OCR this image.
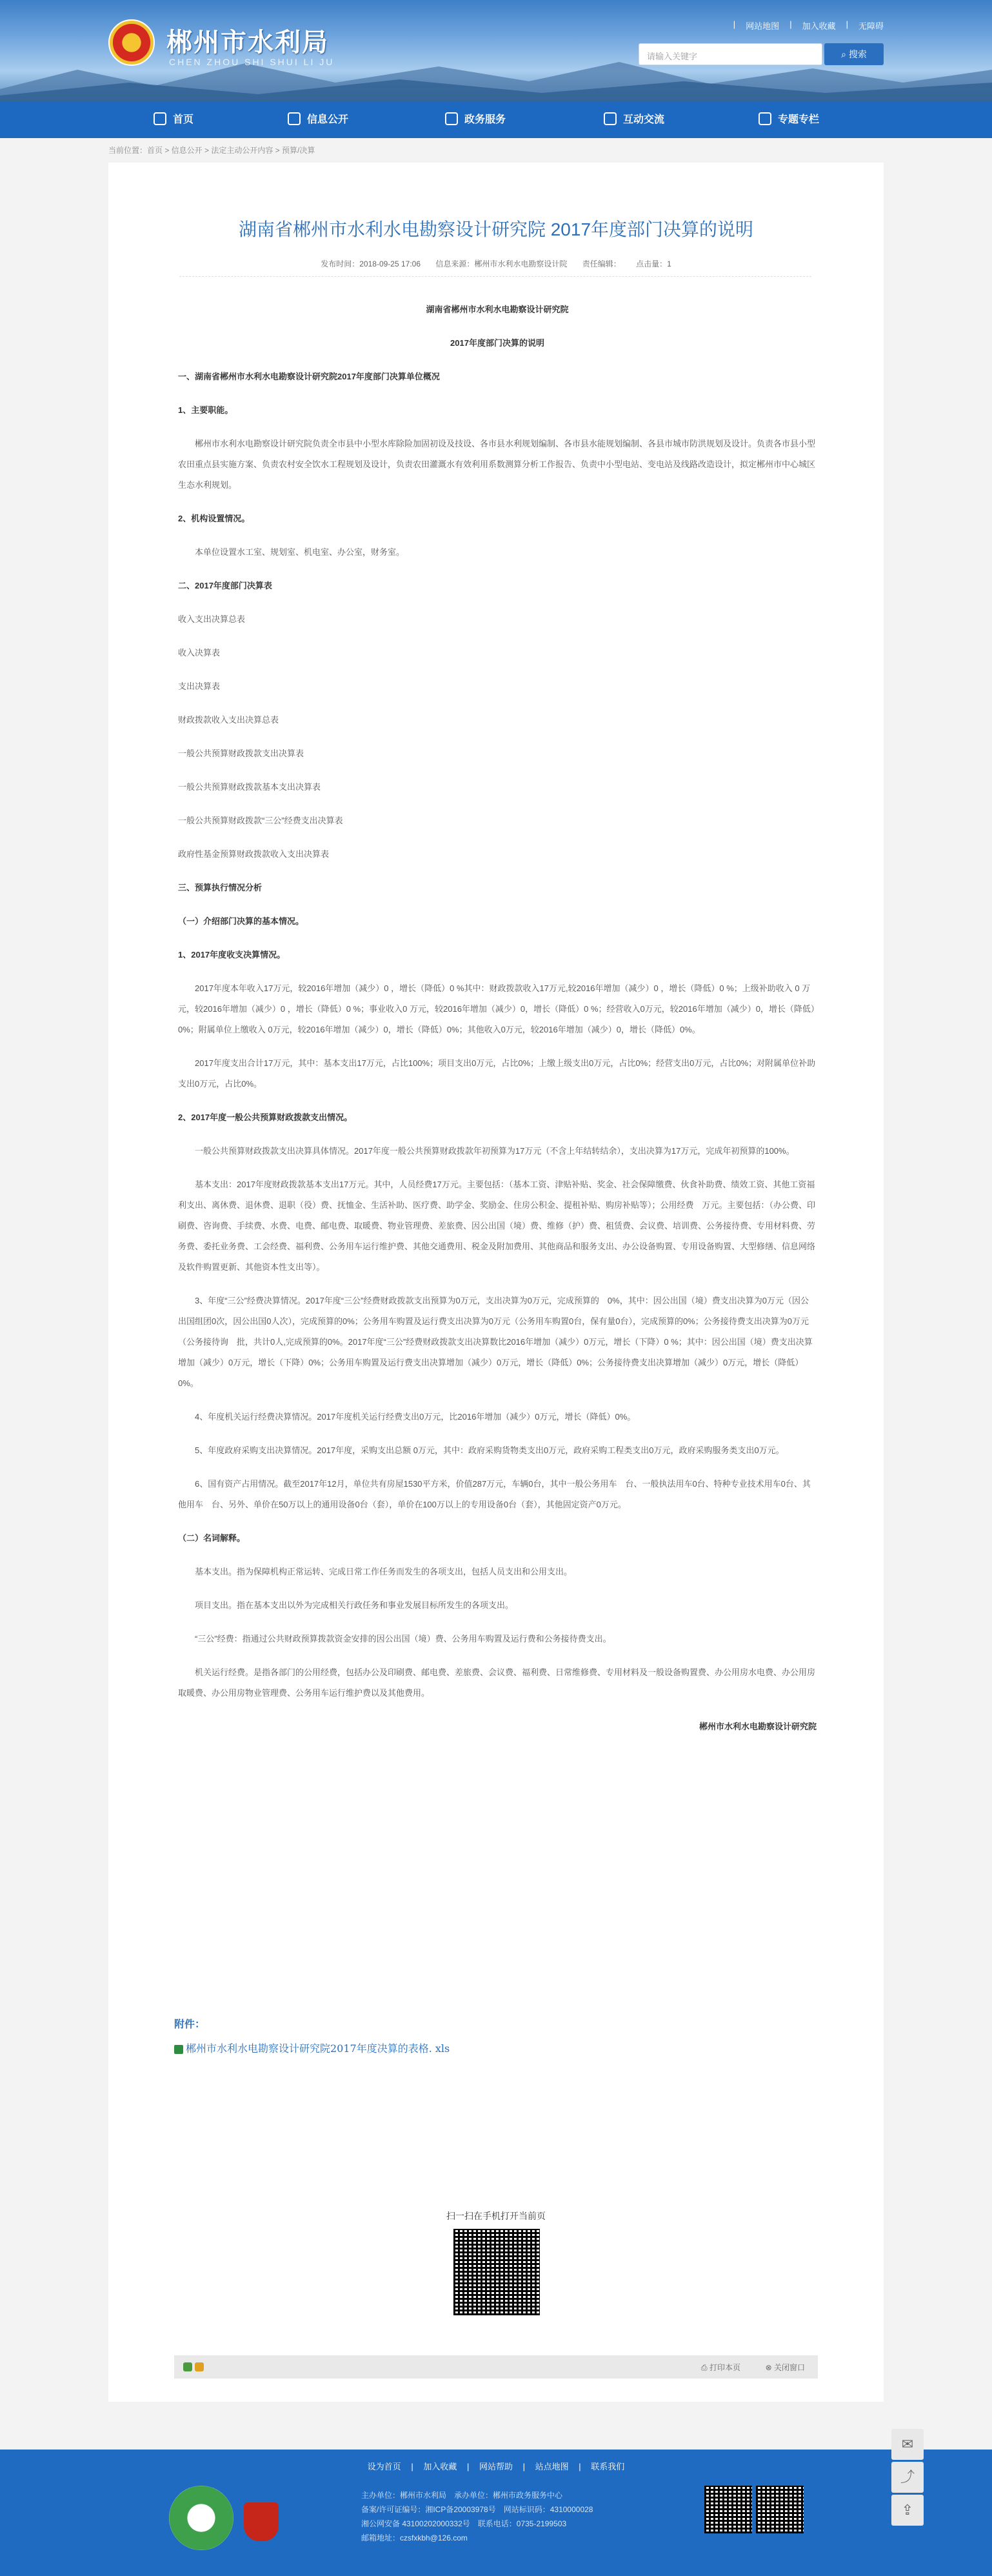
郴州市水利局
CHEN ZHOU SHI SHUI LI JU
| 网站地图 | 加入收藏 | 无障碍
请输入关键字	⌕ 搜索
首页	信息公开	政务服务	互动交流	专题专栏
当前位置：首页 > 信息公开 > 法定主动公开内容 > 预算/决算
湖南省郴州市水利水电勘察设计研究院 2017年度部门决算的说明
发布时间：2018-09-25 17:06 信息来源：郴州市水利水电勘察设计院 责任编辑： 点击量：1

湖南省郴州市水利水电勘察设计研究院

2017年度部门决算的说明

一、湖南省郴州市水利水电勘察设计研究院2017年度部门决算单位概况

1、主要职能。

郴州市水利水电勘察设计研究院负责全市县中小型水库除险加固初设及技设、各市县水利规划编制、各市县水能规划编制、各县市城市防洪规划及设计。负责各市县小型农田重点县实施方案、负责农村安全饮水工程规划及设计，负责农田灌溉水有效利用系数测算分析工作报告、负责中小型电站、变电站及线路改造设计，拟定郴州市中心城区生态水利规划。

2、机构设置情况。

本单位设置水工室、规划室、机电室、办公室，财务室。

二、2017年度部门决算表

收入支出决算总表

收入决算表

支出决算表

财政拨款收入支出决算总表

一般公共预算财政拨款支出决算表

一般公共预算财政拨款基本支出决算表

一般公共预算财政拨款“三公”经费支出决算表

政府性基金预算财政拨款收入支出决算表

三、预算执行情况分析

（一）介绍部门决算的基本情况。

1、2017年度收支决算情况。

2017年度本年收入17万元，较2016年增加（减少）0 ，增长（降低）0 %其中：财政拨款收入17万元,较2016年增加（减少）0 ，增长（降低）0 %；上级补助收入 0 万元，较2016年增加（减少）0 ，增长（降低）0 %；事业收入0 万元，较2016年增加（减少）0，增长（降低）0 %；经营收入0万元，较2016年增加（减少）0，增长（降低）0%；附属单位上缴收入 0万元，较2016年增加（减少）0，增长（降低）0%；其他收入0万元，较2016年增加（减少）0，增长（降低）0%。

2017年度支出合计17万元，其中：基本支出17万元，占比100%；项目支出0万元，占比0%；上缴上级支出0万元，占比0%；经营支出0万元，占比0%；对附属单位补助支出0万元，占比0%。

2、2017年度一般公共预算财政拨款支出情况。

一般公共预算财政拨款支出决算具体情况。2017年度一般公共预算财政拨款年初预算为17万元（不含上年结转结余），支出决算为17万元，完成年初预算的100%。

基本支出：2017年度财政拨款基本支出17万元。其中，人员经费17万元。主要包括：（基本工资、津贴补贴、奖金、社会保障缴费、伙食补助费、绩效工资、其他工资福利支出、离休费、退休费、退职（役）费、抚恤金、生活补助、医疗费、助学金、奖励金、住房公积金、提租补贴、购房补贴等）；公用经费　万元。主要包括：（办公费、印刷费、咨询费、手续费、水费、电费、邮电费、取暖费、物业管理费、差旅费、因公出国（境）费、维修（护）费、租赁费、会议费、培训费、公务接待费、专用材料费、劳务费、委托业务费、工会经费、福利费、公务用车运行维护费、其他交通费用、税金及附加费用、其他商品和服务支出、办公设备购置、专用设备购置、大型修缮、信息网络及软件购置更新、其他资本性支出等）。

3、年度“三公”经费决算情况。2017年度“三公”经费财政拨款支出预算为0万元，支出决算为0万元，完成预算的　0%，其中：因公出国（境）费支出决算为0万元（因公出国组团0次，因公出国0人次），完成预算的0%；公务用车购置及运行费支出决算为0万元（公务用车购置0台，保有量0台），完成预算的0%；公务接待费支出决算为0万元（公务接待询　批，共计0人,完成预算的0%。2017年度“三公”经费财政拨款支出决算数比2016年增加（减少）0万元，增长（下降）0 %；其中：因公出国（境）费支出决算增加（减少）0万元，增长（下降）0%；公务用车购置及运行费支出决算增加（减少）0万元，增长（降低）0%；公务接待费支出决算增加（减少）0万元，增长（降低）0%。

4、年度机关运行经费决算情况。2017年度机关运行经费支出0万元，比2016年增加（减少）0万元，增长（降低）0%。

5、年度政府采购支出决算情况。2017年度，采购支出总额 0万元，其中：政府采购货物类支出0万元，政府采购工程类支出0万元，政府采购服务类支出0万元。

6、国有资产占用情况。截至2017年12月，单位共有房屋1530平方米，价值287万元，车辆0台，其中一般公务用车　台、一般执法用车0台、特种专业技术用车0台、其他用车　台、另外、单价在50万以上的通用设备0台（套），单价在100万以上的专用设备0台（套），其他固定资产0万元。

（二）名词解释。

基本支出。指为保障机构正常运转、完成日常工作任务而发生的各项支出，包括人员支出和公用支出。

项目支出。指在基本支出以外为完成相关行政任务和事业发展目标所发生的各项支出。

“三公”经费：指通过公共财政预算拨款资金安排的因公出国（境）费、公务用车购置及运行费和公务接待费支出。

机关运行经费。是指各部门的公用经费，包括办公及印刷费、邮电费、差旅费、会议费、福利费、日常维修费、专用材料及一般设备购置费、办公用房水电费、办公用房取暖费、办公用房物业管理费、公务用车运行维护费以及其他费用。

郴州市水利水电勘察设计研究院

附件：
郴州市水利水电勘察设计研究院2017年度决算的表格. xls
扫一扫在手机打开当前页
⎙ 打印本页	⊗ 关闭窗口
设为首页 | 加入收藏 | 网站帮助 | 站点地图 | 联系我们
主办单位：郴州市水利局　承办单位：郴州市政务服务中心
备案/许可证编号：湘ICP备20003978号　网站标识码：4310000028
湘公网安备 43100202000332号　联系电话：0735-2199503
邮箱地址：czsfxkbh@126.com
✉
⤴
⇪
